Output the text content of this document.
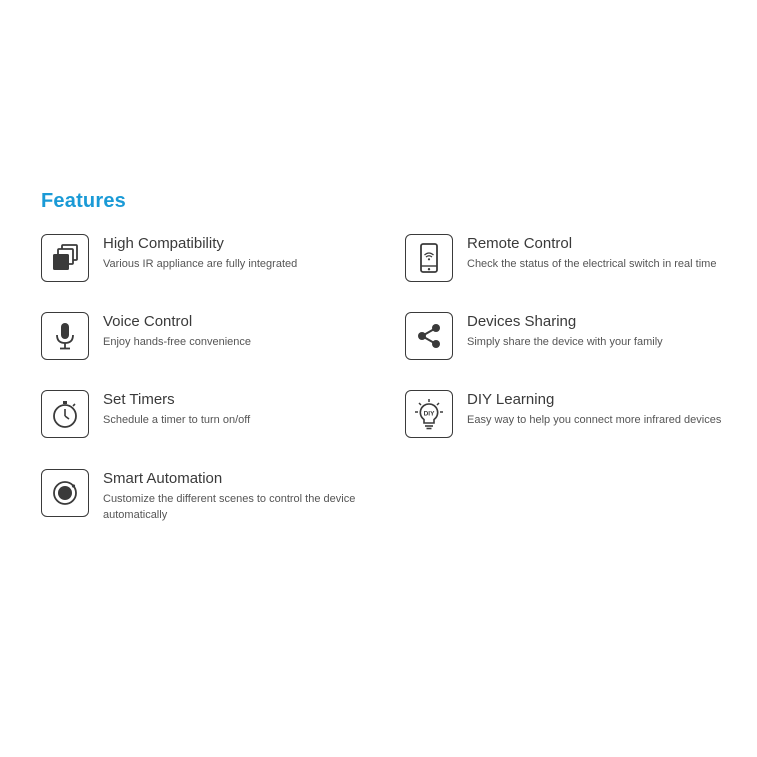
Features
High Compatibility
Various IR appliance are fully integrated
Remote Control
Check the status of the electrical switch in real time
Voice Control
Enjoy hands-free convenience
Devices Sharing
Simply share the device with your family
Set Timers
Schedule a timer to turn on/off	DIY
DIY Learning
Easy way to help you connect more infrared devices
Smart Automation
Customize the different scenes to control the device automatically
